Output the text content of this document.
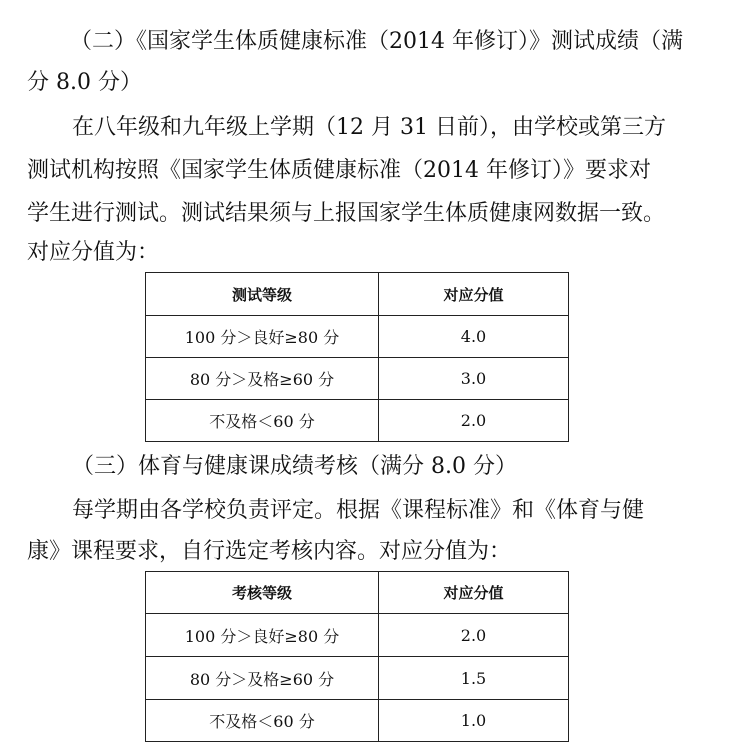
（二）《国家学生体质健康标准（2014 年修订）》测试成绩（满
分 8.0 分）
在八年级和九年级上学期（12 月 31 日前），由学校或第三方
测试机构按照《国家学生体质健康标准（2014 年修订）》要求对
学生进行测试。测试结果须与上报国家学生体质健康网数据一致。
对应分值为：
测试等级	对应分值
100 分＞良好≥80 分	4.0
80 分＞及格≥60 分	3.0
不及格＜60 分	2.0
（三）体育与健康课成绩考核（满分 8.0 分）
每学期由各学校负责评定。根据《课程标准》和《体育与健
康》课程要求，自行选定考核内容。对应分值为：
考核等级	对应分值
100 分＞良好≥80 分	2.0
80 分＞及格≥60 分	1.5
不及格＜60 分	1.0
